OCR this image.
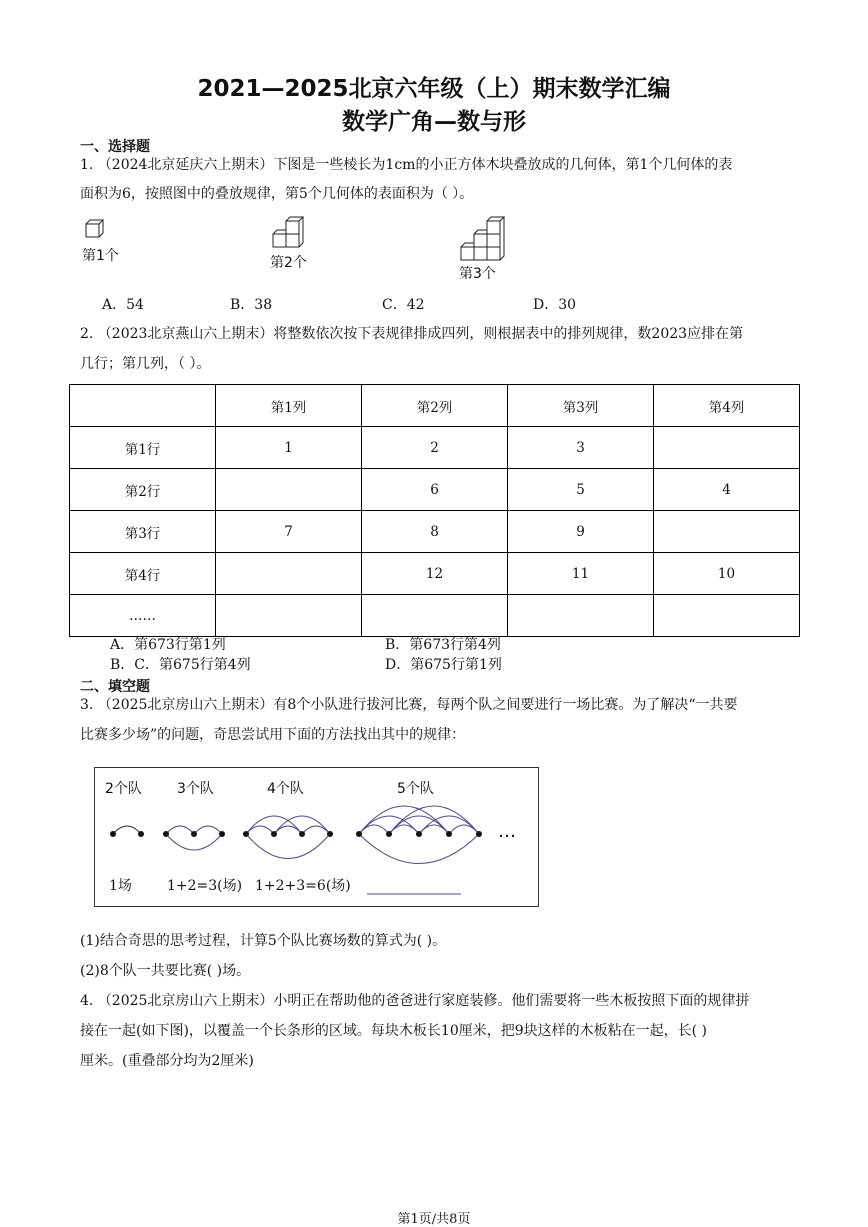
2021—2025北京六年级（上）期末数学汇编
数学广角—数与形
一、选择题
1. （2024北京延庆六上期末）下图是一些棱长为1cm的小正方体木块叠放成的几何体，第1个几何体的表
面积为6，按照图中的叠放规律，第5个几何体的表面积为（ ）。
第1个	第2个
第3个
A．54	B．38	C．42	D．30
2. （2023北京燕山六上期末）将整数依次按下表规律排成四列，则根据表中的排列规律，数2023应排在第
几行；第几列，（ ）。
	第1列	第2列	第3列	第4列
第1行	1	2	3	
第2行		6	5	4
第3行	7	8	9	
第4行		12	11	10
……				
A．第673行第1列	B．第673行第4列
B．C．第675行第4列	D．第675行第1列
二、填空题
3. （2025北京房山六上期末）有8个小队进行拔河比赛，每两个队之间要进行一场比赛。为了解决“一共要
比赛多少场”的问题，奇思尝试用下面的方法找出其中的规律：
2个队	3个队	4个队	5个队
…
1场	1+2=3(场) 1+2+3=6(场)
(1)结合奇思的思考过程，计算5个队比赛场数的算式为( )。
(2)8个队一共要比赛( )场。
4. （2025北京房山六上期末）小明正在帮助他的爸爸进行家庭装修。他们需要将一些木板按照下面的规律拼
接在一起(如下图)，以覆盖一个长条形的区域。每块木板长10厘米，把9块这样的木板粘在一起，长( )
厘米。(重叠部分均为2厘米)
第1页/共8页
